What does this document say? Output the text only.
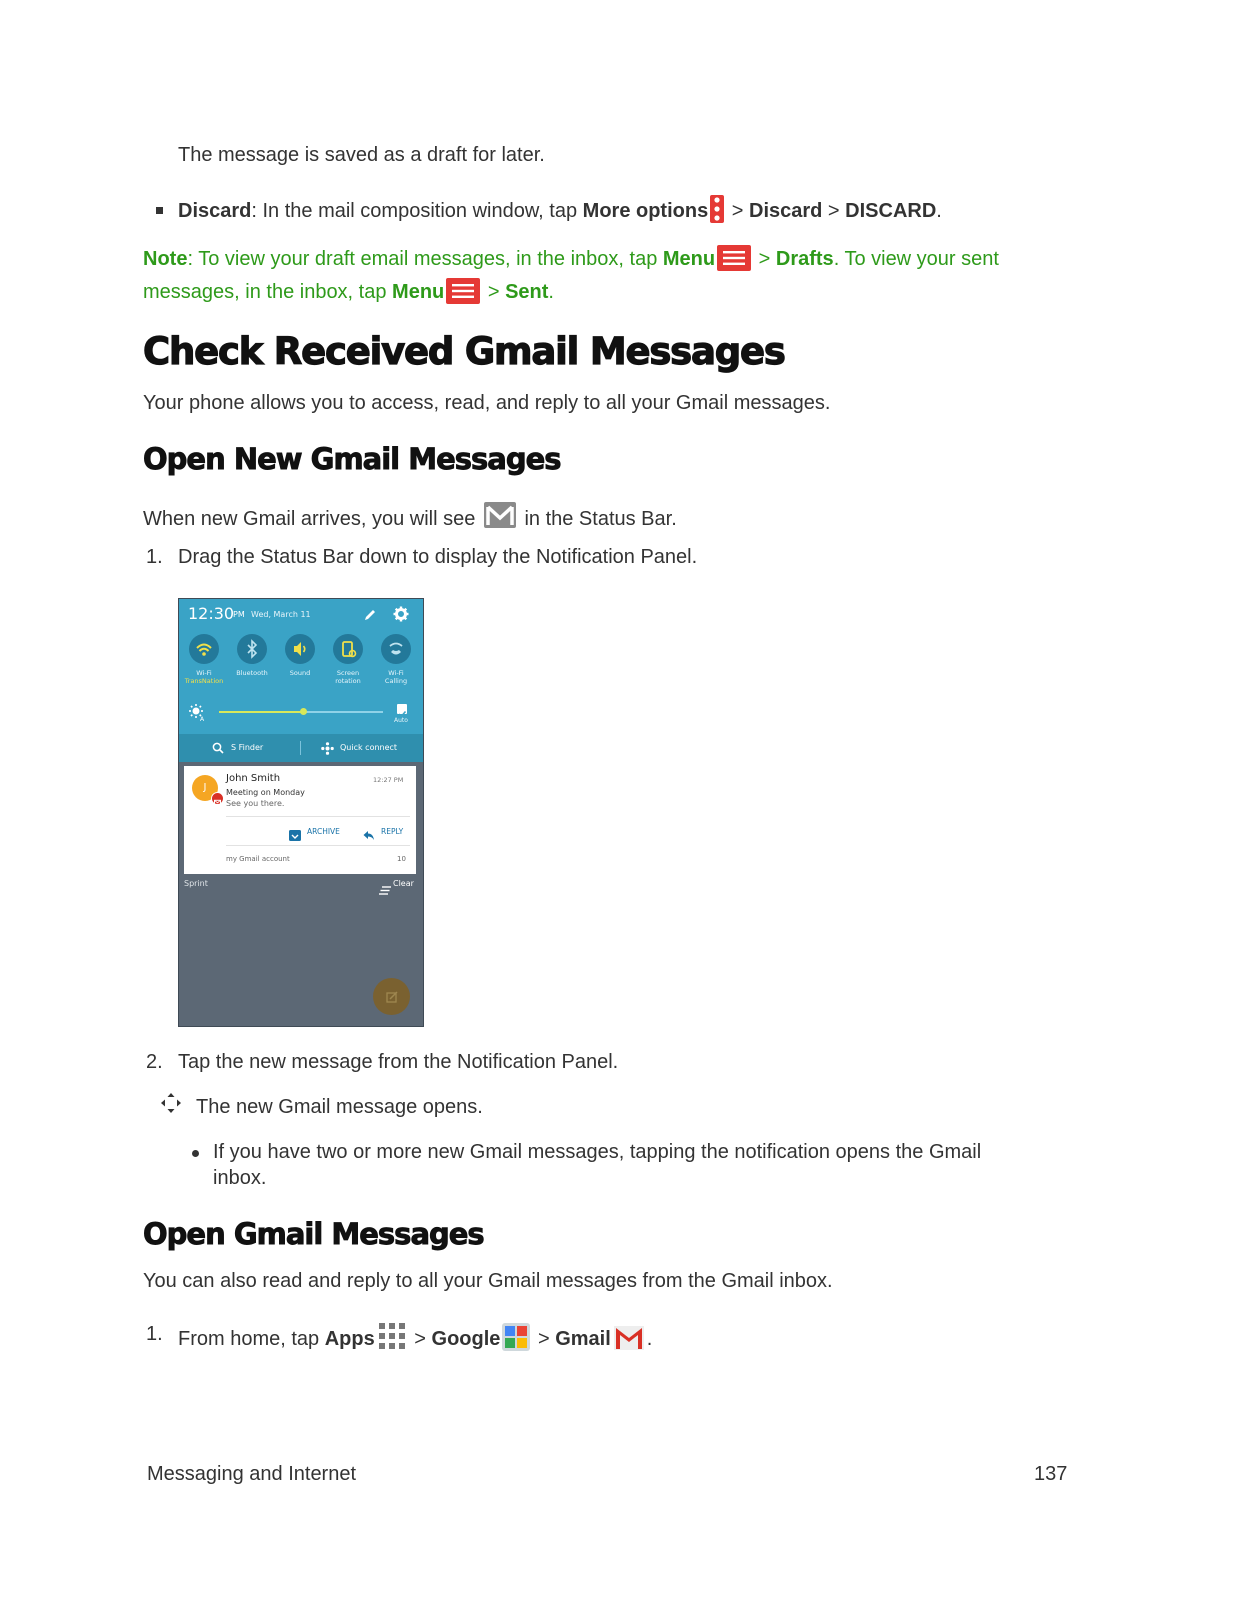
The message is saved as a draft for later.
Discard: In the mail composition window, tap More options > Discard > DISCARD.
Note: To view your draft email messages, in the inbox, tap Menu > Drafts. To view your sent
messages, in the inbox, tap Menu > Sent.
Check Received Gmail Messages
Your phone allows you to access, read, and reply to all your Gmail messages.
Open New Gmail Messages
When new Gmail arrives, you will see  in the Status Bar.
1. Drag the Status Bar down to display the Notification Panel.
12:30
PM Wed, March 11
Wi-Fi
TransNation
Bluetooth	Sound	Screen
rotation
Wi-Fi
Calling
A	Auto
S Finder	Quick connect
J
John Smith	12:27 PM
Meeting on Monday
See you there.
ARCHIVE	REPLY
my Gmail account	10
Sprint	Clear
2. Tap the new message from the Notification Panel.
The new Gmail message opens.
If you have two or more new Gmail messages, tapping the notification opens the Gmail
inbox.
Open Gmail Messages
You can also read and reply to all your Gmail messages from the Gmail inbox.
1. From home, tap Apps > Google > Gmail .
Messaging and Internet	137
